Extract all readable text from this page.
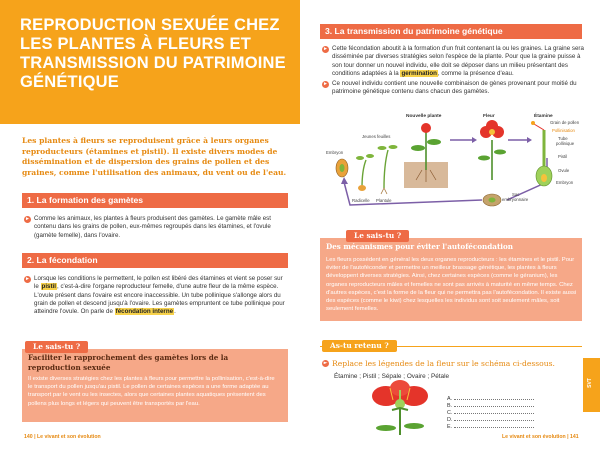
REPRODUCTION SEXUÉE CHEZ LES PLANTES À FLEURS ET TRANSMISSION DU PATRIMOINE GÉNÉTIQUE

Les plantes à fleurs se reproduisent grâce à leurs organes reproducteurs (étamines et pistil). Il existe divers modes de dissémination et de dispersion des grains de pollen et des graines, comme l'utilisation des animaux, du vent ou de l'eau.

1. La formation des gamètes
► Comme les animaux, les plantes à fleurs produisent des gamètes. Le gamète mâle est contenu dans les grains de pollen, eux-mêmes regroupés dans les étamines, et l'ovule (gamète femelle), dans l'ovaire.
2. La fécondation
► Lorsque les conditions le permettent, le pollen est libéré des étamines et vient se poser sur le pistil, c'est-à-dire l'organe reproducteur femelle, d'une autre fleur de la même espèce. L'ovule présent dans l'ovaire est encore inaccessible. Un tube pollinique s'allonge alors du grain de pollen et descend jusqu'à l'ovaire. Les gamètes empruntent ce tube pollinique pour atteindre l'ovule. On parle de fécondation interne.
Faciliter le rapprochement des gamètes lors de la reproduction sexuée
Il existe diverses stratégies chez les plantes à fleurs pour permettre la pollinisation, c'est-à-dire le transport du pollen jusqu'au pistil. Le pollen de certaines espèces a une forme adaptée au transport par le vent ou les insectes, alors que certaines plantes aquatiques présentent des pollens plus longs et légers qui peuvent être transportés par l'eau.
Le sais-tu ?
140 | Le vivant et son évolution
3. La transmission du patrimoine génétique
► Cette fécondation aboutit à la formation d'un fruit contenant la ou les graines. La graine sera disséminée par diverses stratégies selon l'espèce de la plante. Pour que la graine puisse à son tour donner un nouvel individu, elle doit se déposer dans un milieu présentant des conditions adaptées à la germination, comme la présence d'eau.
► Ce nouvel individu contient une nouvelle combinaison de gènes provenant pour moitié du patrimoine génétique contenu dans chacun des gamètes.
Nouvelle plante	Fleur	Étamine
Jeunes feuilles
Embryon
Radicelle Plantule
Grain de pollen
Pollinisation
Tube
pollinique
Pistil
Ovule
Embryon
Sac
embryonnaire
Des mécanismes pour éviter l'autofécondation
Les fleurs possèdent en général les deux organes reproducteurs : les étamines et le pistil. Pour éviter de l'autoféconder et permettre un meilleur brassage génétique, les plantes à fleurs développent diverses stratégies. Ainsi, chez certaines espèces (comme le géranium), les organes reproducteurs mâles et femelles ne sont pas arrivés à maturité en même temps. Chez d'autres espèces, c'est la forme de la fleur qui ne permettra pas l'autofécondation. Il existe aussi des espèces (comme le kiwi) chez lesquelles les individus sont soit seulement mâles, soit seulement femelles.
Le sais-tu ?
As-tu retenu ?
► Replace les légendes de la fleur sur le schéma ci-dessous.
Étamine ; Pistil ; Sépale ; Ovaire ; Pétale
A.
B.
C.
D.
E.
SVT
Le vivant et son évolution | 141
